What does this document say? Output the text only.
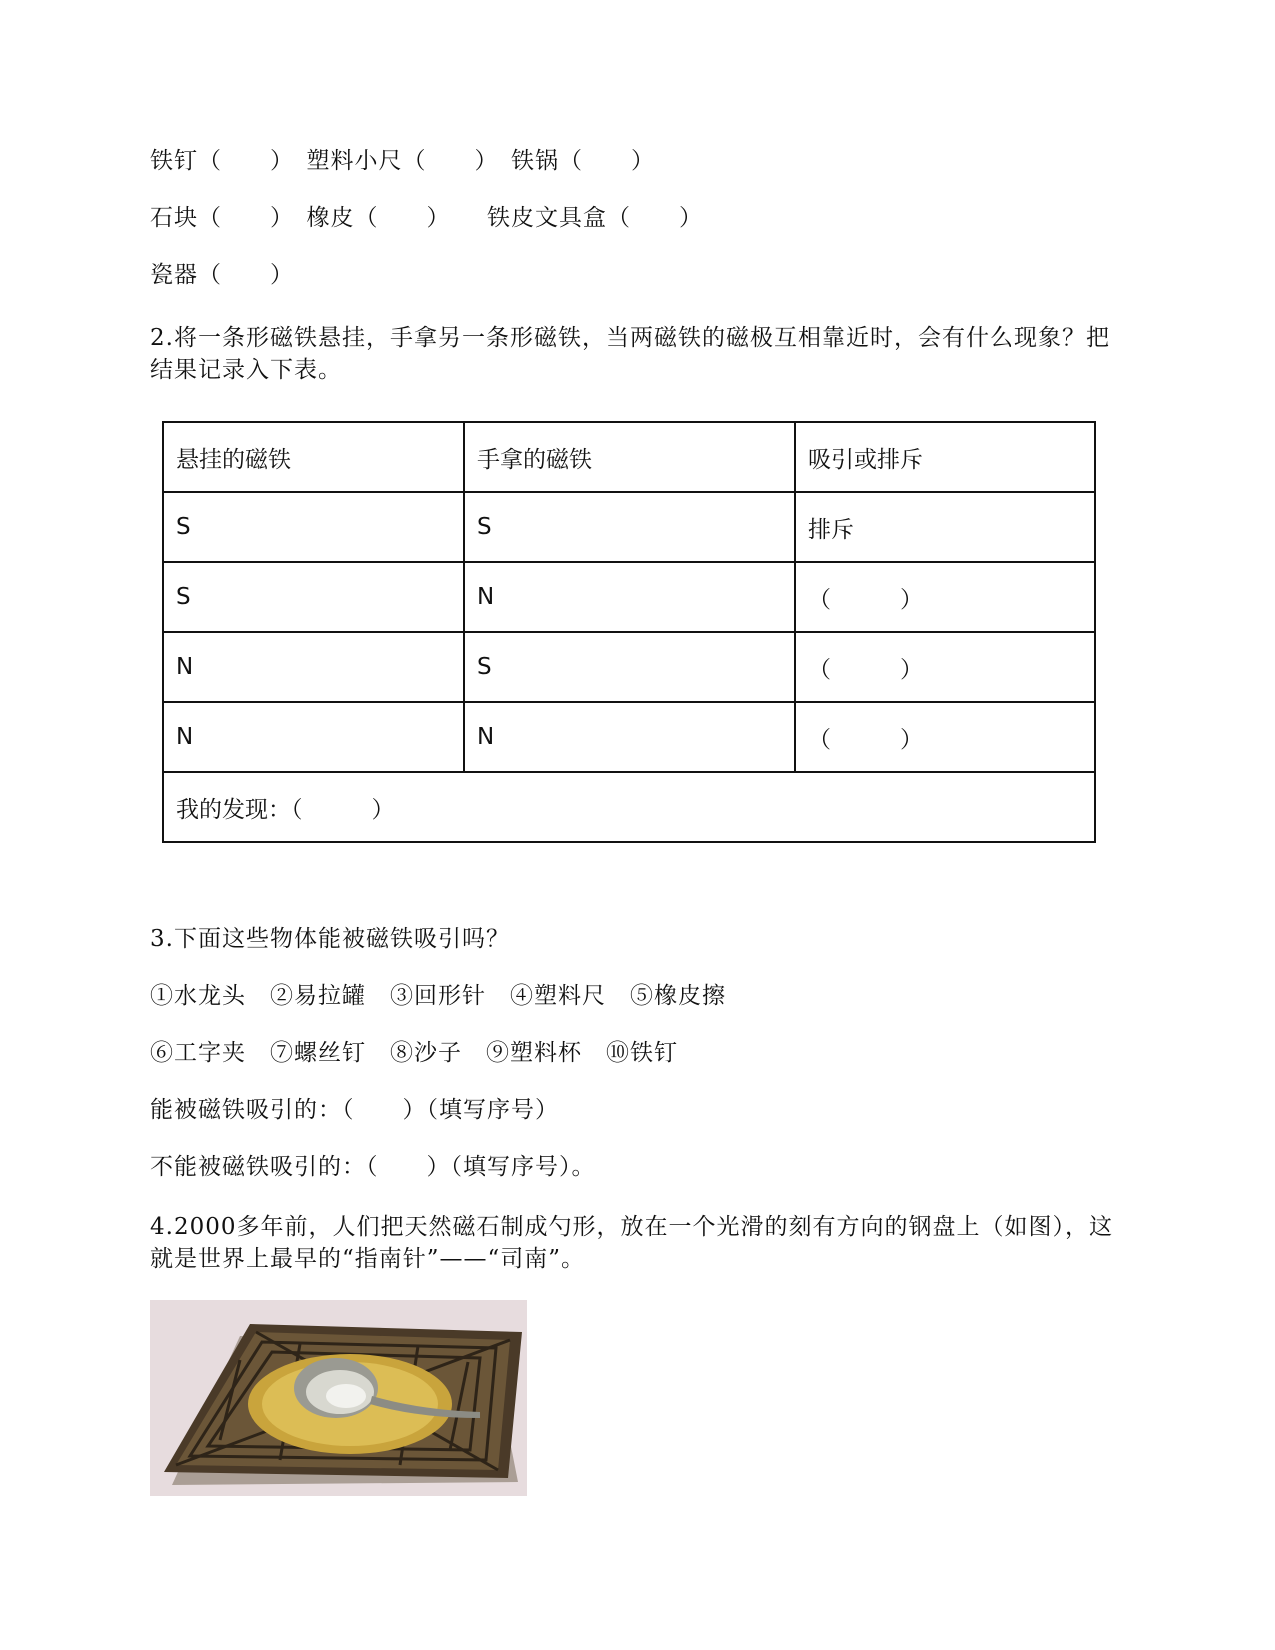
铁钉（　　）　塑料小尺（　　）　铁锅（　　）
石块（　　）　橡皮（　　）　　铁皮文具盒（　　）
瓷器（　　）
2.将一条形磁铁悬挂，手拿另一条形磁铁，当两磁铁的磁极互相靠近时，会有什么现象？把结果记录入下表。
悬挂的磁铁	手拿的磁铁	吸引或排斥
S	S	排斥
S	N	（　　　）
N	S	（　　　）
N	N	（　　　）
我的发现：（　　　）		
3.下面这些物体能被磁铁吸引吗？
①水龙头　②易拉罐　③回形针　④塑料尺　⑤橡皮擦
⑥工字夹　⑦螺丝钉　⑧沙子　⑨塑料杯　⑩铁钉
能被磁铁吸引的：（　　）（填写序号）
不能被磁铁吸引的：（　　）（填写序号）。
4.2000多年前，人们把天然磁石制成勺形，放在一个光滑的刻有方向的钢盘上（如图），这就是世界上最早的“指南针”——“司南”。
